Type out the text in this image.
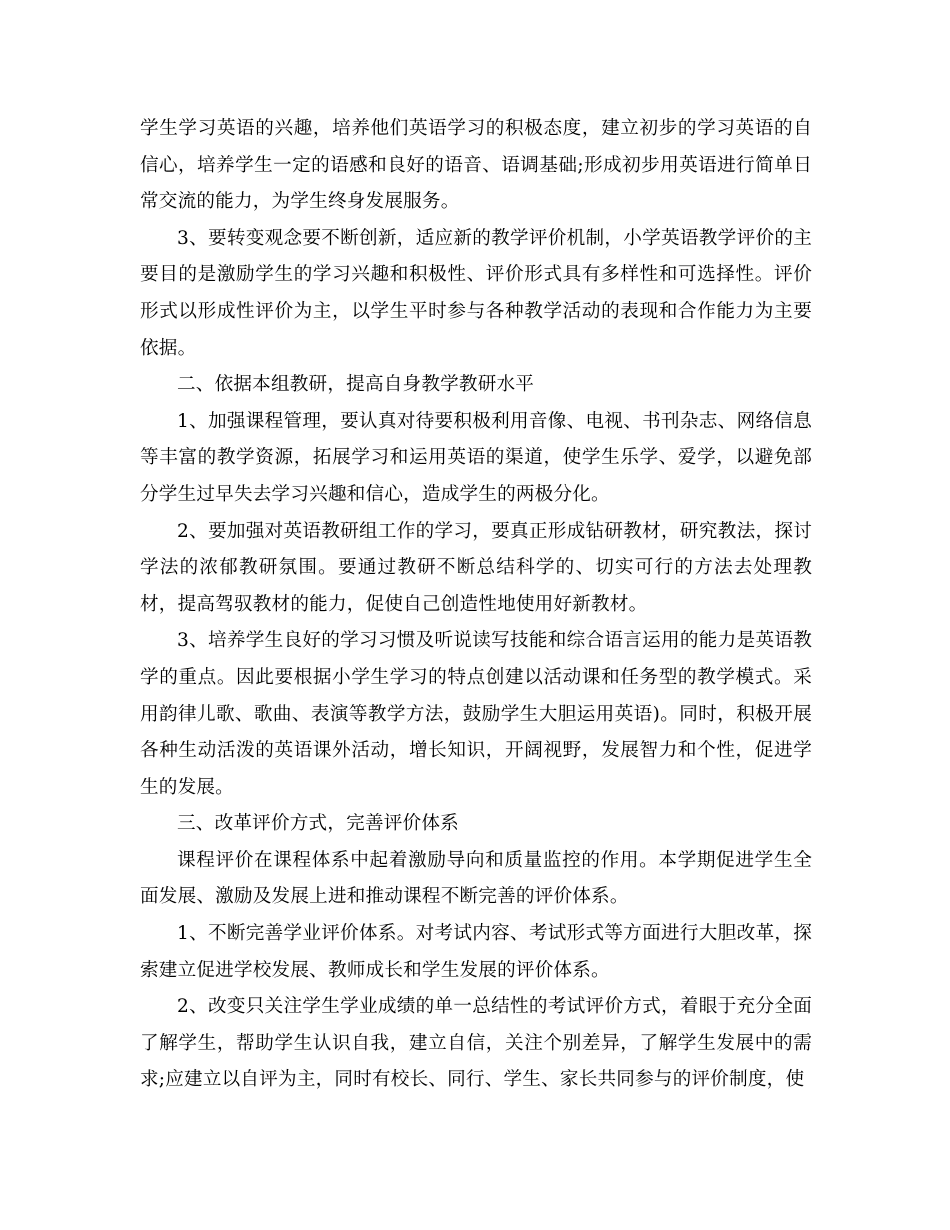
学生学习英语的兴趣，培养他们英语学习的积极态度，建立初步的学习英语的自信心，培养学生一定的语感和良好的语音、语调基础;形成初步用英语进行简单日常交流的能力，为学生终身发展服务。

3、要转变观念要不断创新，适应新的教学评价机制，小学英语教学评价的主要目的是激励学生的学习兴趣和积极性、评价形式具有多样性和可选择性。评价形式以形成性评价为主，以学生平时参与各种教学活动的表现和合作能力为主要依据。

二、依据本组教研，提高自身教学教研水平

1、加强课程管理，要认真对待要积极利用音像、电视、书刊杂志、网络信息等丰富的教学资源，拓展学习和运用英语的渠道，使学生乐学、爱学，以避免部分学生过早失去学习兴趣和信心，造成学生的两极分化。

2、要加强对英语教研组工作的学习，要真正形成钻研教材，研究教法，探讨学法的浓郁教研氛围。要通过教研不断总结科学的、切实可行的方法去处理教材，提高驾驭教材的能力，促使自己创造性地使用好新教材。

3、培养学生良好的学习习惯及听说读写技能和综合语言运用的能力是英语教学的重点。因此要根据小学生学习的特点创建以活动课和任务型的教学模式。采用韵律儿歌、歌曲、表演等教学方法，鼓励学生大胆运用英语)。同时，积极开展各种生动活泼的英语课外活动，增长知识，开阔视野，发展智力和个性，促进学生的发展。

三、改革评价方式，完善评价体系

课程评价在课程体系中起着激励导向和质量监控的作用。本学期促进学生全面发展、激励及发展上进和推动课程不断完善的评价体系。

1、不断完善学业评价体系。对考试内容、考试形式等方面进行大胆改革，探索建立促进学校发展、教师成长和学生发展的评价体系。

2、改变只关注学生学业成绩的单一总结性的考试评价方式，着眼于充分全面了解学生，帮助学生认识自我，建立自信，关注个别差异，了解学生发展中的需求;应建立以自评为主，同时有校长、同行、学生、家长共同参与的评价制度，使
